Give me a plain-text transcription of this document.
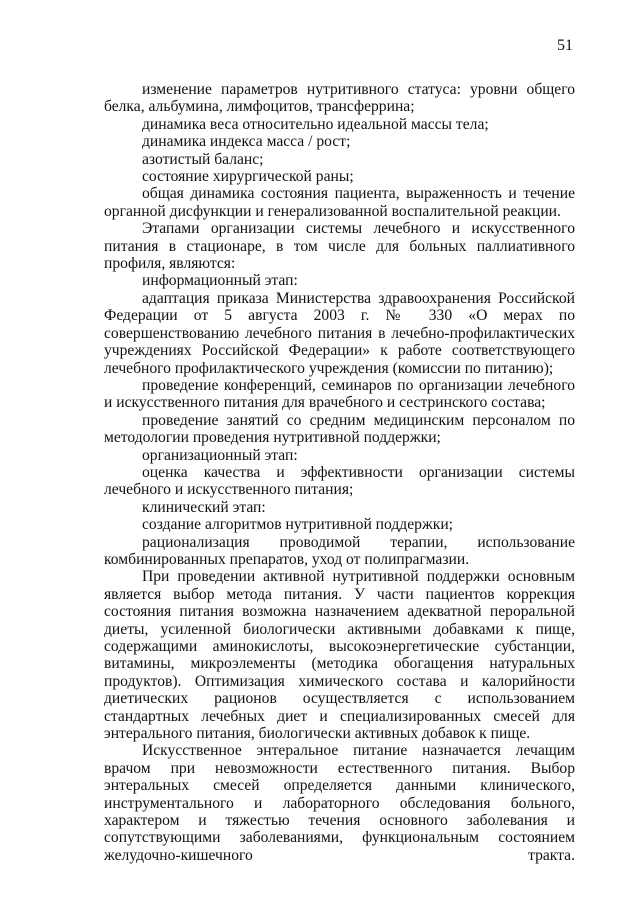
51

изменение параметров нутритивного статуса: уровни общего белка, альбумина, лимфоцитов, трансферрина;

динамика веса относительно идеальной массы тела;

динамика индекса масса / рост;

азотистый баланс;

состояние хирургической раны;

общая динамика состояния пациента, выраженность и течение органной дисфункции и генерализованной воспалительной реакции.

Этапами организации системы лечебного и искусственного питания в стационаре, в том числе для больных паллиативного профиля, являются:

информационный этап:

адаптация приказа Министерства здравоохранения Российской Федерации от 5 августа 2003 г. № 330 «О мерах по совершенствованию лечебного питания в лечебно-профилактических учреждениях Российской Федерации» к работе соответствующего лечебного профилактического учреждения (комиссии по питанию);

проведение конференций, семинаров по организации лечебного и искусственного питания для врачебного и сестринского состава;

проведение занятий со средним медицинским персоналом по методологии проведения нутритивной поддержки;

организационный этап:

оценка качества и эффективности организации системы лечебного и искусственного питания;

клинический этап:

создание алгоритмов нутритивной поддержки;

рационализация проводимой терапии, использование комбинированных препаратов, уход от полипрагмазии.

При проведении активной нутритивной поддержки основным является выбор метода питания. У части пациентов коррекция состояния питания возможна назначением адекватной пероральной диеты, усиленной биологически активными добавками к пище, содержащими аминокислоты, высокоэнергетические субстанции, витамины, микроэлементы (методика обогащения натуральных продуктов). Оптимизация химического состава и калорийности диетических рационов осуществляется с использованием стандартных лечебных диет и специализированных смесей для энтерального питания, биологически активных добавок к пище.

Искусственное энтеральное питание назначается лечащим врачом при невозможности естественного питания. Выбор энтеральных смесей определяется данными клинического, инструментального и лабораторного обследования больного, характером и тяжестью течения основного заболевания и сопутствующими заболеваниями, функциональным состоянием желудочно-кишечного тракта.
